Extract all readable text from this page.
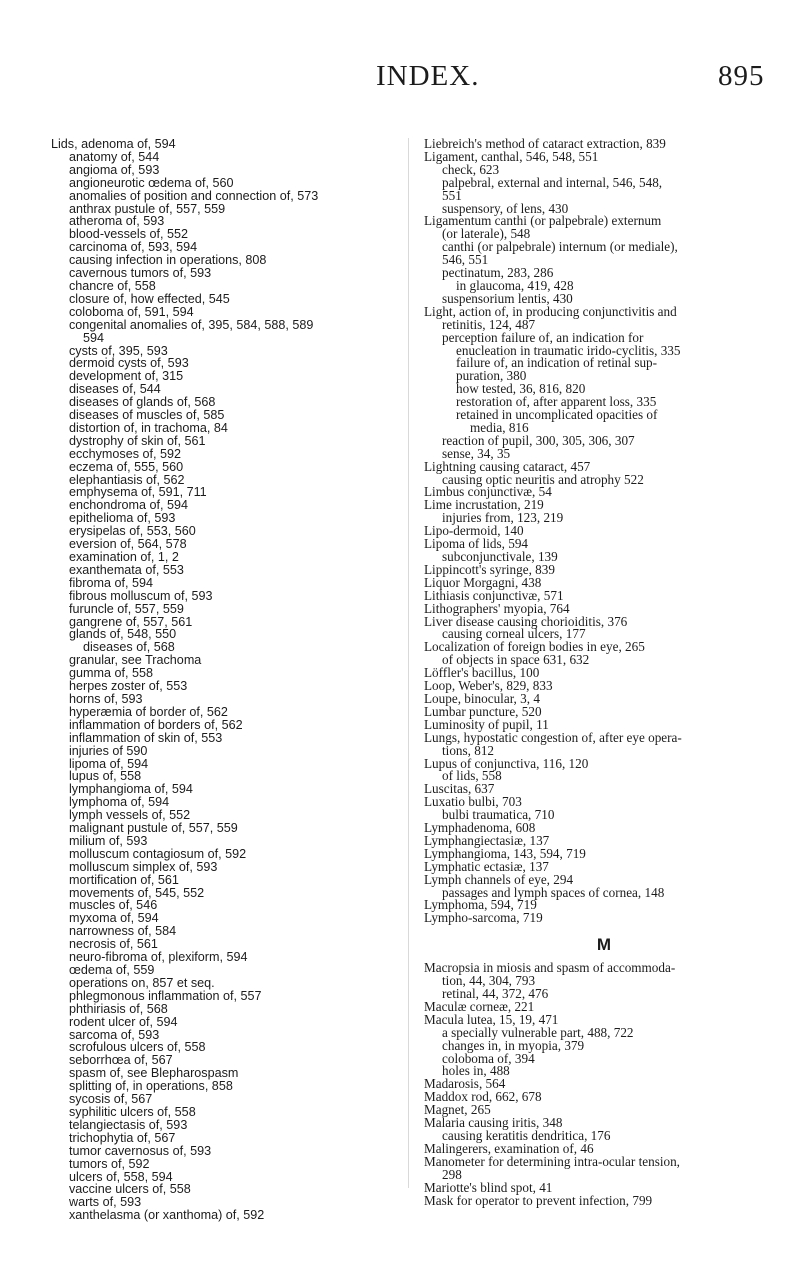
INDEX.	895
Lids, adenoma of, 594
anatomy of, 544
angioma of, 593
angioneurotic œdema of, 560
anomalies of position and connection of, 573
anthrax pustule of, 557, 559
atheroma of, 593
blood-vessels of, 552
carcinoma of, 593, 594
causing infection in operations, 808
cavernous tumors of, 593
chancre of, 558
closure of, how effected, 545
coloboma of, 591, 594
congenital anomalies of, 395, 584, 588, 589
594
cysts of, 395, 593
dermoid cysts of, 593
development of, 315
diseases of, 544
diseases of glands of, 568
diseases of muscles of, 585
distortion of, in trachoma, 84
dystrophy of skin of, 561
ecchymoses of, 592
eczema of, 555, 560
elephantiasis of, 562
emphysema of, 591, 711
enchondroma of, 594
epithelioma of, 593
erysipelas of, 553, 560
eversion of, 564, 578
examination of, 1, 2
exanthemata of, 553
fibroma of, 594
fibrous molluscum of, 593
furuncle of, 557, 559
gangrene of, 557, 561
glands of, 548, 550
diseases of, 568
granular, see Trachoma
gumma of, 558
herpes zoster of, 553
horns of, 593
hyperæmia of border of, 562
inflammation of borders of, 562
inflammation of skin of, 553
injuries of 590
lipoma of, 594
lupus of, 558
lymphangioma of, 594
lymphoma of, 594
lymph vessels of, 552
malignant pustule of, 557, 559
milium of, 593
molluscum contagiosum of, 592
molluscum simplex of, 593
mortification of, 561
movements of, 545, 552
muscles of, 546
myxoma of, 594
narrowness of, 584
necrosis of, 561
neuro-fibroma of, plexiform, 594
œdema of, 559
operations on, 857 et seq.
phlegmonous inflammation of, 557
phthiriasis of, 568
rodent ulcer of, 594
sarcoma of, 593
scrofulous ulcers of, 558
seborrhœa of, 567
spasm of, see Blepharospasm
splitting of, in operations, 858
sycosis of, 567
syphilitic ulcers of, 558
telangiectasis of, 593
trichophytia of, 567
tumor cavernosus of, 593
tumors of, 592
ulcers of, 558, 594
vaccine ulcers of, 558
warts of, 593
xanthelasma (or xanthoma) of, 592
Liebreich's method of cataract extraction, 839
Ligament, canthal, 546, 548, 551
check, 623
palpebral, external and internal, 546, 548,
551
suspensory, of lens, 430
Ligamentum canthi (or palpebrale) externum
(or laterale), 548
canthi (or palpebrale) internum (or mediale),
546, 551
pectinatum, 283, 286
in glaucoma, 419, 428
suspensorium lentis, 430
Light, action of, in producing conjunctivitis and
retinitis, 124, 487
perception failure of, an indication for
enucleation in traumatic irido-cyclitis, 335
failure of, an indication of retinal sup-
puration, 380
how tested, 36, 816, 820
restoration of, after apparent loss, 335
retained in uncomplicated opacities of
media, 816
reaction of pupil, 300, 305, 306, 307
sense, 34, 35
Lightning causing cataract, 457
causing optic neuritis and atrophy 522
Limbus conjunctivæ, 54
Lime incrustation, 219
injuries from, 123, 219
Lipo-dermoid, 140
Lipoma of lids, 594
subconjunctivale, 139
Lippincott's syringe, 839
Liquor Morgagni, 438
Lithiasis conjunctivæ, 571
Lithographers' myopia, 764
Liver disease causing chorioiditis, 376
causing corneal ulcers, 177
Localization of foreign bodies in eye, 265
of objects in space 631, 632
Löffler's bacillus, 100
Loop, Weber's, 829, 833
Loupe, binocular, 3, 4
Lumbar puncture, 520
Luminosity of pupil, 11
Lungs, hypostatic congestion of, after eye opera-
tions, 812
Lupus of conjunctiva, 116, 120
of lids, 558
Luscitas, 637
Luxatio bulbi, 703
bulbi traumatica, 710
Lymphadenoma, 608
Lymphangiectasiæ, 137
Lymphangioma, 143, 594, 719
Lymphatic ectasiæ, 137
Lymph channels of eye, 294
passages and lymph spaces of cornea, 148
Lymphoma, 594, 719
Lympho-sarcoma, 719
M
Macropsia in miosis and spasm of accommoda-
tion, 44, 304, 793
retinal, 44, 372, 476
Maculæ corneæ, 221
Macula lutea, 15, 19, 471
a specially vulnerable part, 488, 722
changes in, in myopia, 379
coloboma of, 394
holes in, 488
Madarosis, 564
Maddox rod, 662, 678
Magnet, 265
Malaria causing iritis, 348
causing keratitis dendritica, 176
Malingerers, examination of, 46
Manometer for determining intra-ocular tension,
298
Mariotte's blind spot, 41
Mask for operator to prevent infection, 799
